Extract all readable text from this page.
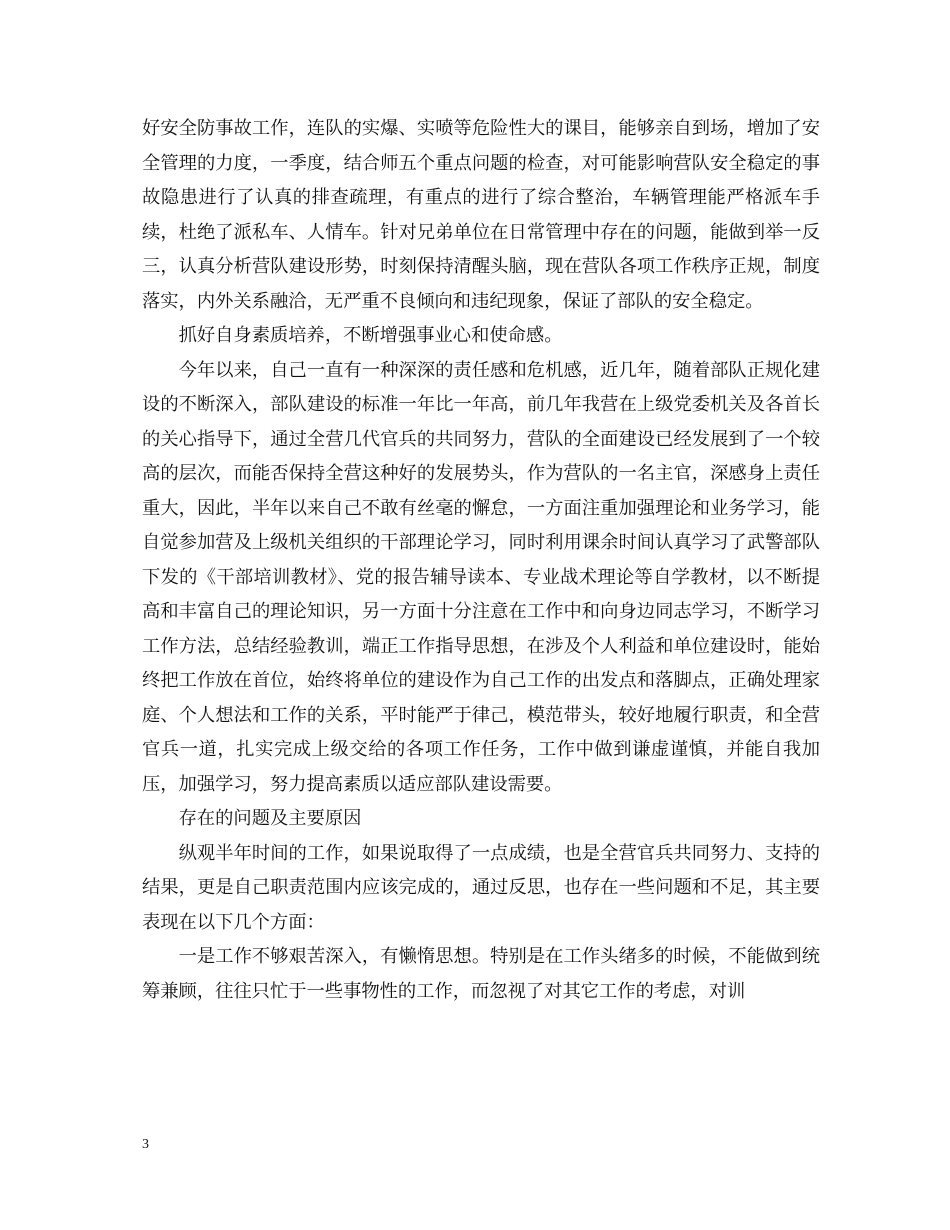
好安全防事故工作，连队的实爆、实喷等危险性大的课目，能够亲自到场，增加了安全管理的力度，一季度，结合师五个重点问题的检查，对可能影响营队安全稳定的事故隐患进行了认真的排查疏理，有重点的进行了综合整治，车辆管理能严格派车手续，杜绝了派私车、人情车。针对兄弟单位在日常管理中存在的问题，能做到举一反三，认真分析营队建设形势，时刻保持清醒头脑，现在营队各项工作秩序正规，制度落实，内外关系融洽，无严重不良倾向和违纪现象，保证了部队的安全稳定。

抓好自身素质培养，不断增强事业心和使命感。

今年以来，自己一直有一种深深的责任感和危机感，近几年，随着部队正规化建设的不断深入，部队建设的标准一年比一年高，前几年我营在上级党委机关及各首长的关心指导下，通过全营几代官兵的共同努力，营队的全面建设已经发展到了一个较高的层次，而能否保持全营这种好的发展势头，作为营队的一名主官，深感身上责任重大，因此，半年以来自己不敢有丝毫的懈怠，一方面注重加强理论和业务学习，能自觉参加营及上级机关组织的干部理论学习，同时利用课余时间认真学习了武警部队下发的《干部培训教材》、党的报告辅导读本、专业战术理论等自学教材，以不断提高和丰富自己的理论知识，另一方面十分注意在工作中和向身边同志学习，不断学习工作方法，总结经验教训，端正工作指导思想，在涉及个人利益和单位建设时，能始终把工作放在首位，始终将单位的建设作为自己工作的出发点和落脚点，正确处理家庭、个人想法和工作的关系，平时能严于律己，模范带头，较好地履行职责，和全营官兵一道，扎实完成上级交给的各项工作任务，工作中做到谦虚谨慎，并能自我加压，加强学习，努力提高素质以适应部队建设需要。

存在的问题及主要原因

纵观半年时间的工作，如果说取得了一点成绩，也是全营官兵共同努力、支持的结果，更是自己职责范围内应该完成的，通过反思，也存在一些问题和不足，其主要表现在以下几个方面：

一是工作不够艰苦深入，有懒惰思想。特别是在工作头绪多的时候，不能做到统筹兼顾，往往只忙于一些事物性的工作，而忽视了对其它工作的考虑，对训

3
